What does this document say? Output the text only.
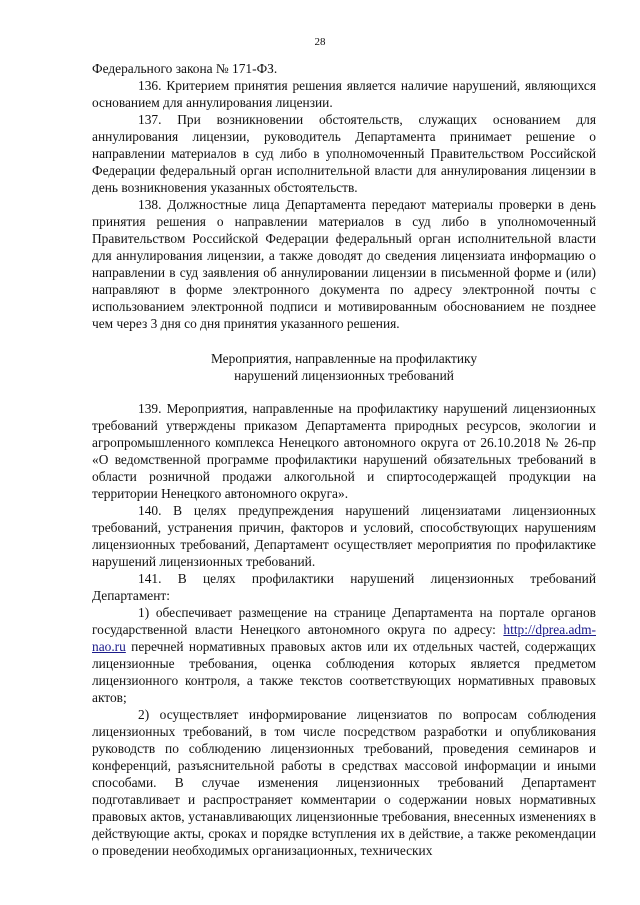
28

Федерального закона № 171-ФЗ.

136. Критерием принятия решения является наличие нарушений, являющихся основанием для аннулирования лицензии.

137. При возникновении обстоятельств, служащих основанием для аннулирования лицензии, руководитель Департамента принимает решение о направлении материалов в суд либо в уполномоченный Правительством Российской Федерации федеральный орган исполнительной власти для аннулирования лицензии в день возникновения указанных обстоятельств.

138. Должностные лица Департамента передают материалы проверки в день принятия решения о направлении материалов в суд либо в уполномоченный Правительством Российской Федерации федеральный орган исполнительной власти для аннулирования лицензии, а также доводят до сведения лицензиата информацию о направлении в суд заявления об аннулировании лицензии в письменной форме и (или) направляют в форме электронного документа по адресу электронной почты с использованием электронной подписи и мотивированным обоснованием не позднее чем через 3 дня со дня принятия указанного решения.

Мероприятия, направленные на профилактику
нарушений лицензионных требований

139. Мероприятия, направленные на профилактику нарушений лицензионных требований утверждены приказом Департамента природных ресурсов, экологии и агропромышленного комплекса Ненецкого автономного округа от 26.10.2018 № 26-пр «О ведомственной программе профилактики нарушений обязательных требований в области розничной продажи алкогольной и спиртосодержащей продукции на территории Ненецкого автономного округа».

140. В целях предупреждения нарушений лицензиатами лицензионных требований, устранения причин, факторов и условий, способствующих нарушениям лицензионных требований, Департамент осуществляет мероприятия по профилактике нарушений лицензионных требований.

141. В целях профилактики нарушений лицензионных требований Департамент:

1) обеспечивает размещение на странице Департамента на портале органов государственной власти Ненецкого автономного округа по адресу: http://dprea.adm-nao.ru перечней нормативных правовых актов или их отдельных частей, содержащих лицензионные требования, оценка соблюдения которых является предметом лицензионного контроля, а также текстов соответствующих нормативных правовых актов;

2) осуществляет информирование лицензиатов по вопросам соблюдения лицензионных требований, в том числе посредством разработки и опубликования руководств по соблюдению лицензионных требований, проведения семинаров и конференций, разъяснительной работы в средствах массовой информации и иными способами. В случае изменения лицензионных требований Департамент подготавливает и распространяет комментарии о содержании новых нормативных правовых актов, устанавливающих лицензионные требования, внесенных изменениях в действующие акты, сроках и порядке вступления их в действие, а также рекомендации о проведении необходимых организационных, технических
